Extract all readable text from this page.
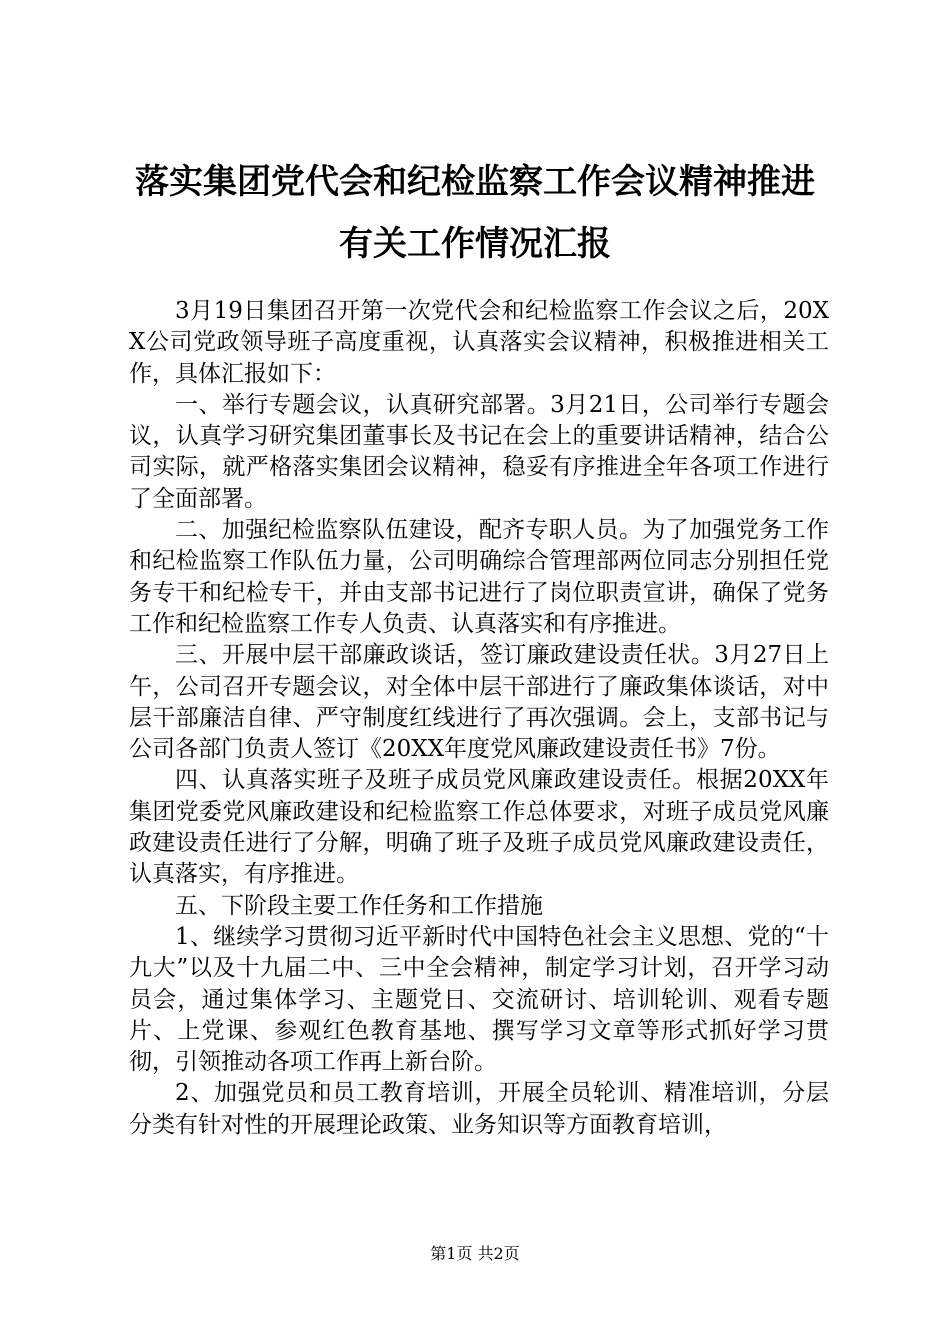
落实集团党代会和纪检监察工作会议精神推进
有关工作情况汇报

3月19日集团召开第一次党代会和纪检监察工作会议之后，20XX公司党政领导班子高度重视，认真落实会议精神，积极推进相关工作，具体汇报如下：

一、举行专题会议，认真研究部署。3月21日，公司举行专题会议，认真学习研究集团董事长及书记在会上的重要讲话精神，结合公司实际，就严格落实集团会议精神，稳妥有序推进全年各项工作进行了全面部署。

二、加强纪检监察队伍建设，配齐专职人员。为了加强党务工作和纪检监察工作队伍力量，公司明确综合管理部两位同志分别担任党务专干和纪检专干，并由支部书记进行了岗位职责宣讲，确保了党务工作和纪检监察工作专人负责、认真落实和有序推进。

三、开展中层干部廉政谈话，签订廉政建设责任状。3月27日上午，公司召开专题会议，对全体中层干部进行了廉政集体谈话，对中层干部廉洁自律、严守制度红线进行了再次强调。会上，支部书记与公司各部门负责人签订《20XX年度党风廉政建设责任书》7份。

四、认真落实班子及班子成员党风廉政建设责任。根据20XX年集团党委党风廉政建设和纪检监察工作总体要求，对班子成员党风廉政建设责任进行了分解，明确了班子及班子成员党风廉政建设责任，认真落实，有序推进。

五、下阶段主要工作任务和工作措施

1、继续学习贯彻习近平新时代中国特色社会主义思想、党的“十九大”以及十九届二中、三中全会精神，制定学习计划，召开学习动员会，通过集体学习、主题党日、交流研讨、培训轮训、观看专题片、上党课、参观红色教育基地、撰写学习文章等形式抓好学习贯彻，引领推动各项工作再上新台阶。

2、加强党员和员工教育培训，开展全员轮训、精准培训，分层分类有针对性的开展理论政策、业务知识等方面教育培训，

第1页 共2页
